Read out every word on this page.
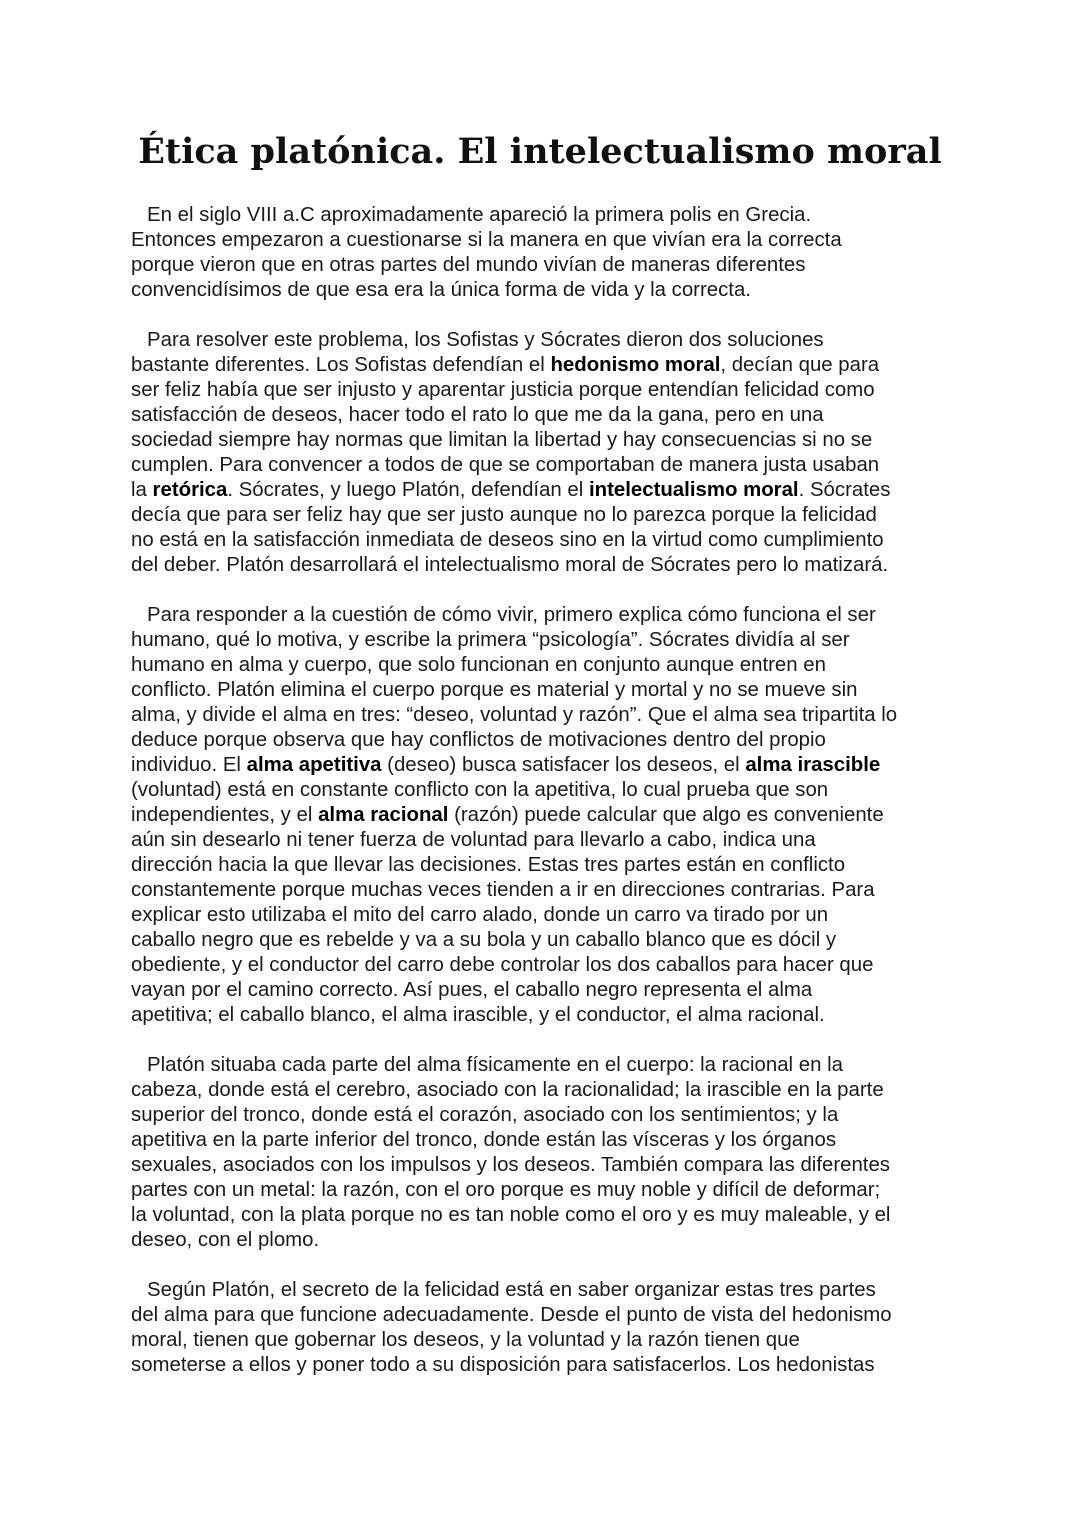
Ética platónica. El intelectualismo moral

En el siglo VIII a.C aproximadamente apareció la primera polis en Grecia.
Entonces empezaron a cuestionarse si la manera en que vivían era la correcta
porque vieron que en otras partes del mundo vivían de maneras diferentes
convencidísimos de que esa era la única forma de vida y la correcta.

Para resolver este problema, los Sofistas y Sócrates dieron dos soluciones
bastante diferentes. Los Sofistas defendían el hedonismo moral, decían que para
ser feliz había que ser injusto y aparentar justicia porque entendían felicidad como
satisfacción de deseos, hacer todo el rato lo que me da la gana, pero en una
sociedad siempre hay normas que limitan la libertad y hay consecuencias si no se
cumplen. Para convencer a todos de que se comportaban de manera justa usaban
la retórica. Sócrates, y luego Platón, defendían el intelectualismo moral. Sócrates
decía que para ser feliz hay que ser justo aunque no lo parezca porque la felicidad
no está en la satisfacción inmediata de deseos sino en la virtud como cumplimiento
del deber. Platón desarrollará el intelectualismo moral de Sócrates pero lo matizará.

Para responder a la cuestión de cómo vivir, primero explica cómo funciona el ser
humano, qué lo motiva, y escribe la primera “psicología”. Sócrates dividía al ser
humano en alma y cuerpo, que solo funcionan en conjunto aunque entren en
conflicto. Platón elimina el cuerpo porque es material y mortal y no se mueve sin
alma, y divide el alma en tres: “deseo, voluntad y razón”. Que el alma sea tripartita lo
deduce porque observa que hay conflictos de motivaciones dentro del propio
individuo. El alma apetitiva (deseo) busca satisfacer los deseos, el alma irascible
(voluntad) está en constante conflicto con la apetitiva, lo cual prueba que son
independientes, y el alma racional (razón) puede calcular que algo es conveniente
aún sin desearlo ni tener fuerza de voluntad para llevarlo a cabo, indica una
dirección hacia la que llevar las decisiones. Estas tres partes están en conflicto
constantemente porque muchas veces tienden a ir en direcciones contrarias. Para
explicar esto utilizaba el mito del carro alado, donde un carro va tirado por un
caballo negro que es rebelde y va a su bola y un caballo blanco que es dócil y
obediente, y el conductor del carro debe controlar los dos caballos para hacer que
vayan por el camino correcto. Así pues, el caballo negro representa el alma
apetitiva; el caballo blanco, el alma irascible, y el conductor, el alma racional.

Platón situaba cada parte del alma físicamente en el cuerpo: la racional en la
cabeza, donde está el cerebro, asociado con la racionalidad; la irascible en la parte
superior del tronco, donde está el corazón, asociado con los sentimientos; y la
apetitiva en la parte inferior del tronco, donde están las vísceras y los órganos
sexuales, asociados con los impulsos y los deseos. También compara las diferentes
partes con un metal: la razón, con el oro porque es muy noble y difícil de deformar;
la voluntad, con la plata porque no es tan noble como el oro y es muy maleable, y el
deseo, con el plomo.

Según Platón, el secreto de la felicidad está en saber organizar estas tres partes
del alma para que funcione adecuadamente. Desde el punto de vista del hedonismo
moral, tienen que gobernar los deseos, y la voluntad y la razón tienen que
someterse a ellos y poner todo a su disposición para satisfacerlos. Los hedonistas
